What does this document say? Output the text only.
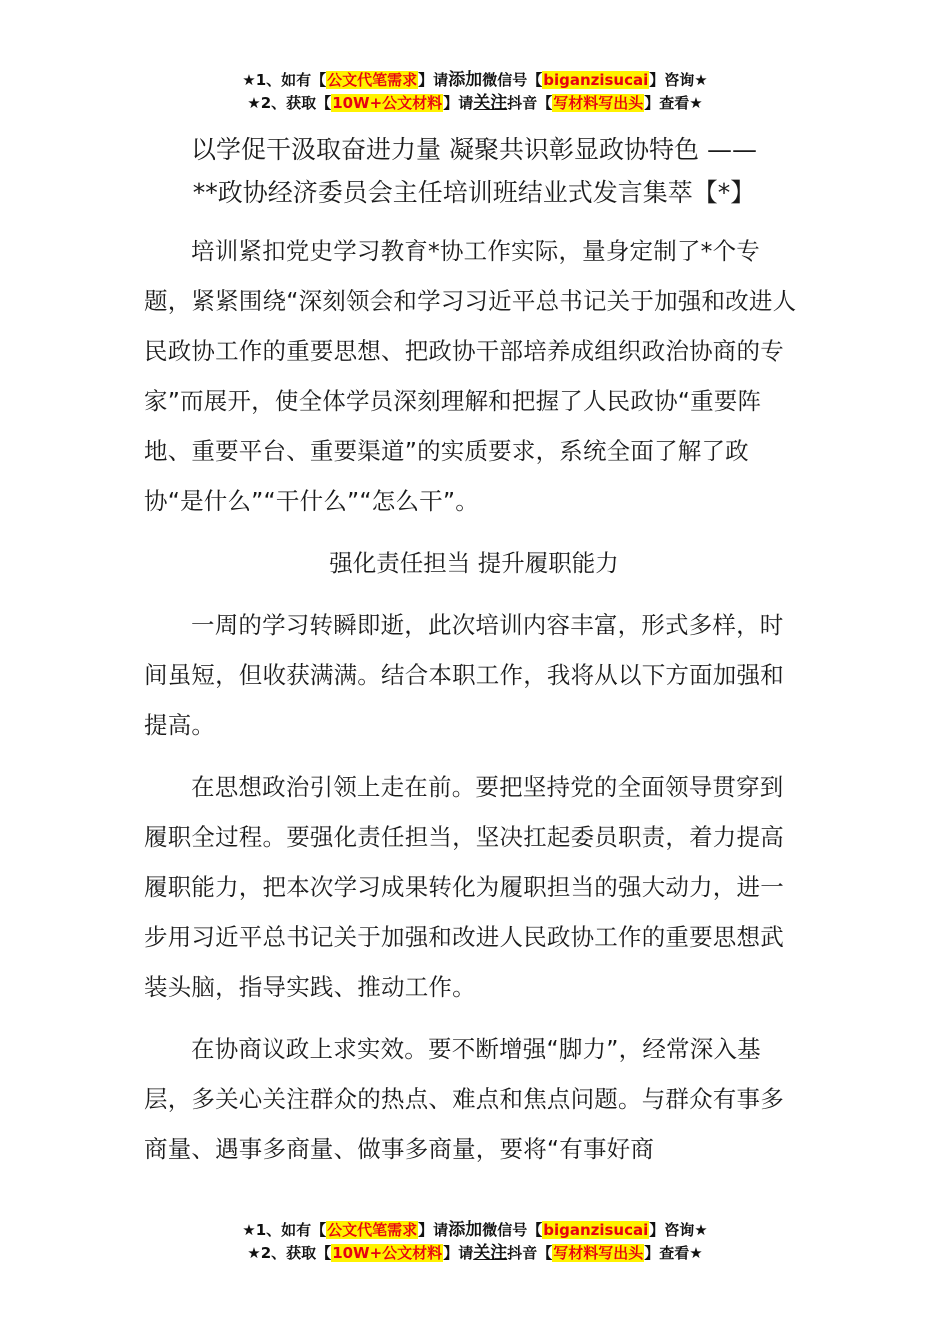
★1、如有【公文代笔需求】请添加微信号【biganzisucai】咨询★
★2、获取【10W+公文材料】请关注抖音【写材料写出头】查看★
以学促干汲取奋进力量 凝聚共识彰显政协特色 ——
**政协经济委员会主任培训班结业式发言集萃【*】

培训紧扣党史学习教育*协工作实际，量身定制了*个专题，紧紧围绕“深刻领会和学习习近平总书记关于加强和改进人民政协工作的重要思想、把政协干部培养成组织政治协商的专家”而展开，使全体学员深刻理解和把握了人民政协“重要阵地、重要平台、重要渠道”的实质要求，系统全面了解了政协“是什么”“干什么”“怎么干”。

强化责任担当 提升履职能力

一周的学习转瞬即逝，此次培训内容丰富，形式多样，时间虽短，但收获满满。结合本职工作，我将从以下方面加强和提高。

在思想政治引领上走在前。要把坚持党的全面领导贯穿到履职全过程。要强化责任担当，坚决扛起委员职责，着力提高履职能力，把本次学习成果转化为履职担当的强大动力，进一步用习近平总书记关于加强和改进人民政协工作的重要思想武装头脑，指导实践、推动工作。

在协商议政上求实效。要不断增强“脚力”，经常深入基层，多关心关注群众的热点、难点和焦点问题。与群众有事多商量、遇事多商量、做事多商量，要将“有事好商

★1、如有【公文代笔需求】请添加微信号【biganzisucai】咨询★
★2、获取【10W+公文材料】请关注抖音【写材料写出头】查看★
